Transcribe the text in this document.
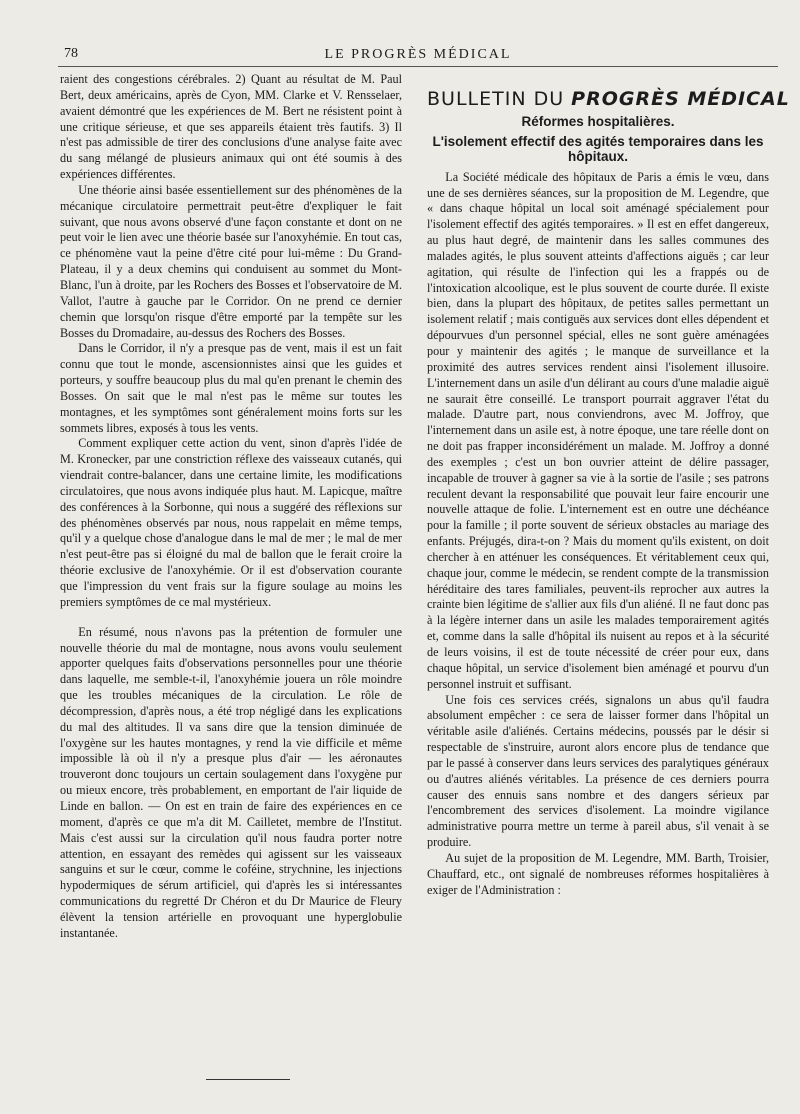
78	LE PROGRÈS MÉDICAL

raient des congestions cérébrales. 2) Quant au résultat de M. Paul Bert, deux américains, après de Cyon, MM. Clarke et V. Rensselaer, avaient démontré que les expériences de M. Bert ne résistent point à une critique sérieuse, et que ses appareils étaient très fautifs. 3) Il n'est pas admissible de tirer des conclusions d'une analyse faite avec du sang mélangé de plusieurs animaux qui ont été soumis à des expériences différentes.

Une théorie ainsi basée essentiellement sur des phénomènes de la mécanique circulatoire permettrait peut-être d'expliquer le fait suivant, que nous avons observé d'une façon constante et dont on ne peut voir le lien avec une théorie basée sur l'anoxyhémie. En tout cas, ce phénomène vaut la peine d'être cité pour lui-même : Du Grand-Plateau, il y a deux chemins qui conduisent au sommet du Mont-Blanc, l'un à droite, par les Rochers des Bosses et l'observatoire de M. Vallot, l'autre à gauche par le Corridor. On ne prend ce dernier chemin que lorsqu'on risque d'être emporté par la tempête sur les Bosses du Dromadaire, au-dessus des Rochers des Bosses.

Dans le Corridor, il n'y a presque pas de vent, mais il est un fait connu que tout le monde, ascensionnistes ainsi que les guides et porteurs, y souffre beaucoup plus du mal qu'en prenant le chemin des Bosses. On sait que le mal n'est pas le même sur toutes les montagnes, et les symptômes sont généralement moins forts sur les sommets libres, exposés à tous les vents.

Comment expliquer cette action du vent, sinon d'après l'idée de M. Kronecker, par une constriction réflexe des vaisseaux cutanés, qui viendrait contre-balancer, dans une certaine limite, les modifications circulatoires, que nous avons indiquée plus haut. M. Lapicque, maître des conférences à la Sorbonne, qui nous a suggéré des réflexions sur des phénomènes observés par nous, nous rappelait en même temps, qu'il y a quelque chose d'analogue dans le mal de mer ; le mal de mer n'est peut-être pas si éloigné du mal de ballon que le ferait croire la théorie exclusive de l'anoxyhémie. Or il est d'observation courante que l'impression du vent frais sur la figure soulage au moins les premiers symptômes de ce mal mystérieux.

En résumé, nous n'avons pas la prétention de formuler une nouvelle théorie du mal de montagne, nous avons voulu seulement apporter quelques faits d'observations personnelles pour une théorie dans laquelle, me semble-t-il, l'anoxyhémie jouera un rôle moindre que les troubles mécaniques de la circulation. Le rôle de décompression, d'après nous, a été trop négligé dans les explications du mal des altitudes. Il va sans dire que la tension diminuée de l'oxygène sur les hautes montagnes, y rend la vie difficile et même impossible là où il n'y a presque plus d'air — les aéronautes trouveront donc toujours un certain soulagement dans l'oxygène pur ou mieux encore, très probablement, en emportant de l'air liquide de Linde en ballon. — On est en train de faire des expériences en ce moment, d'après ce que m'a dit M. Cailletet, membre de l'Institut. Mais c'est aussi sur la circulation qu'il nous faudra porter notre attention, en essayant des remèdes qui agissent sur les vaisseaux sanguins et sur le cœur, comme le coféine, strychnine, les injections hypodermiques de sérum artificiel, qui d'après les si intéressantes communications du regretté Dr Chéron et du Dr Maurice de Fleury élèvent la tension artérielle en provoquant une hyperglobulie instantanée.

BULLETIN DU PROGRÈS MÉDICAL
Réformes hospitalières.
L'isolement effectif des agités temporaires dans les hôpitaux.

La Société médicale des hôpitaux de Paris a émis le vœu, dans une de ses dernières séances, sur la proposition de M. Legendre, que « dans chaque hôpital un local soit aménagé spécialement pour l'isolement effectif des agités temporaires. » Il est en effet dangereux, au plus haut degré, de maintenir dans les salles communes des malades agités, le plus souvent atteints d'affections aiguës ; car leur agitation, qui résulte de l'infection qui les a frappés ou de l'intoxication alcoolique, est le plus souvent de courte durée. Il existe bien, dans la plupart des hôpitaux, de petites salles permettant un isolement relatif ; mais contiguës aux services dont elles dépendent et dépourvues d'un personnel spécial, elles ne sont guère aménagées pour y maintenir des agités ; le manque de surveillance et la proximité des autres services rendent ainsi l'isolement illusoire. L'internement dans un asile d'un délirant au cours d'une maladie aiguë ne saurait être conseillé. Le transport pourrait aggraver l'état du malade. D'autre part, nous conviendrons, avec M. Joffroy, que l'internement dans un asile est, à notre époque, une tare réelle dont on ne doit pas frapper inconsidérément un malade. M. Joffroy a donné des exemples ; c'est un bon ouvrier atteint de délire passager, incapable de trouver à gagner sa vie à la sortie de l'asile ; ses patrons reculent devant la responsabilité que pouvait leur faire encourir une nouvelle attaque de folie. L'internement est en outre une déchéance pour la famille ; il porte souvent de sérieux obstacles au mariage des enfants. Préjugés, dira-t-on ? Mais du moment qu'ils existent, on doit chercher à en atténuer les conséquences. Et véritablement ceux qui, chaque jour, comme le médecin, se rendent compte de la transmission héréditaire des tares familiales, peuvent-ils reprocher aux autres la crainte bien légitime de s'allier aux fils d'un aliéné. Il ne faut donc pas à la légère interner dans un asile les malades temporairement agités et, comme dans la salle d'hôpital ils nuisent au repos et à la sécurité de leurs voisins, il est de toute nécessité de créer pour eux, dans chaque hôpital, un service d'isolement bien aménagé et pourvu d'un personnel instruit et suffisant.

Une fois ces services créés, signalons un abus qu'il faudra absolument empêcher : ce sera de laisser former dans l'hôpital un véritable asile d'aliénés. Certains médecins, poussés par le désir si respectable de s'instruire, auront alors encore plus de tendance que par le passé à conserver dans leurs services des paralytiques généraux ou d'autres aliénés véritables. La présence de ces derniers pourra causer des ennuis sans nombre et des dangers sérieux par l'encombrement des services d'isolement. La moindre vigilance administrative pourra mettre un terme à pareil abus, s'il venait à se produire.

Au sujet de la proposition de M. Legendre, MM. Barth, Troisier, Chauffard, etc., ont signalé de nombreuses réformes hospitalières à exiger de l'Administration :
